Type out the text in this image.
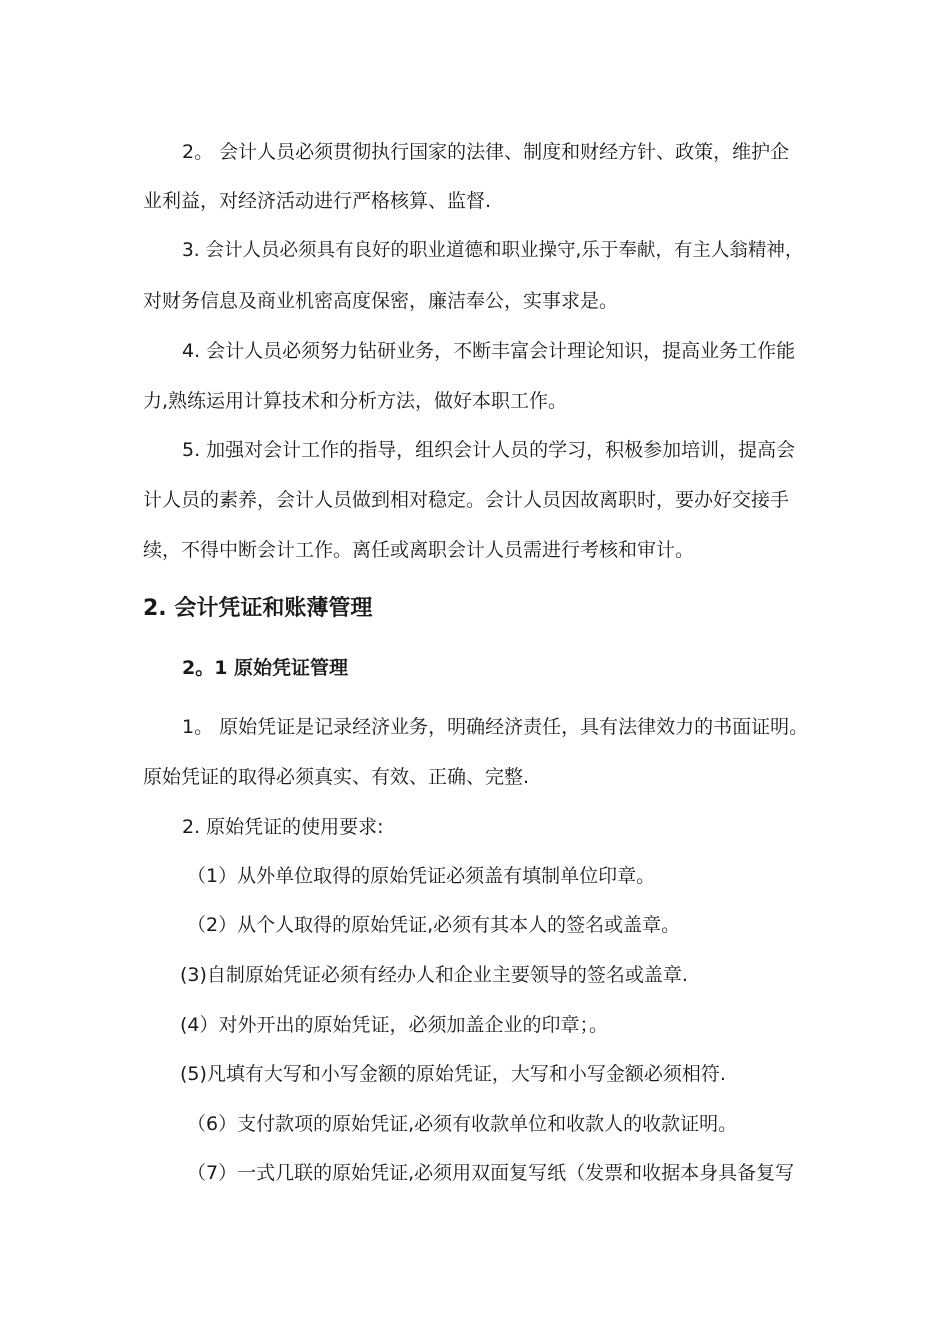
2。 会计人员必须贯彻执行国家的法律、制度和财经方针、政策，维护企
业利益，对经济活动进行严格核算、监督.
3. 会计人员必须具有良好的职业道德和职业操守,乐于奉献，有主人翁精神，
对财务信息及商业机密高度保密，廉洁奉公，实事求是。
4. 会计人员必须努力钻研业务，不断丰富会计理论知识，提高业务工作能
力,熟练运用计算技术和分析方法，做好本职工作。
5. 加强对会计工作的指导，组织会计人员的学习，积极参加培训，提高会
计人员的素养，会计人员做到相对稳定。会计人员因故离职时，要办好交接手
续，不得中断会计工作。离任或离职会计人员需进行考核和审计。
2. 会计凭证和账薄管理
2。1 原始凭证管理
1。 原始凭证是记录经济业务，明确经济责任，具有法律效力的书面证明。
原始凭证的取得必须真实、有效、正确、完整.
2. 原始凭证的使用要求:
（1）从外单位取得的原始凭证必须盖有填制单位印章。
（2）从个人取得的原始凭证,必须有其本人的签名或盖章。
(3)自制原始凭证必须有经办人和企业主要领导的签名或盖章.
(4）对外开出的原始凭证，必须加盖企业的印章；。
(5)凡填有大写和小写金额的原始凭证，大写和小写金额必须相符.
（6）支付款项的原始凭证,必须有收款单位和收款人的收款证明。
（7）一式几联的原始凭证,必须用双面复写纸（发票和收据本身具备复写
